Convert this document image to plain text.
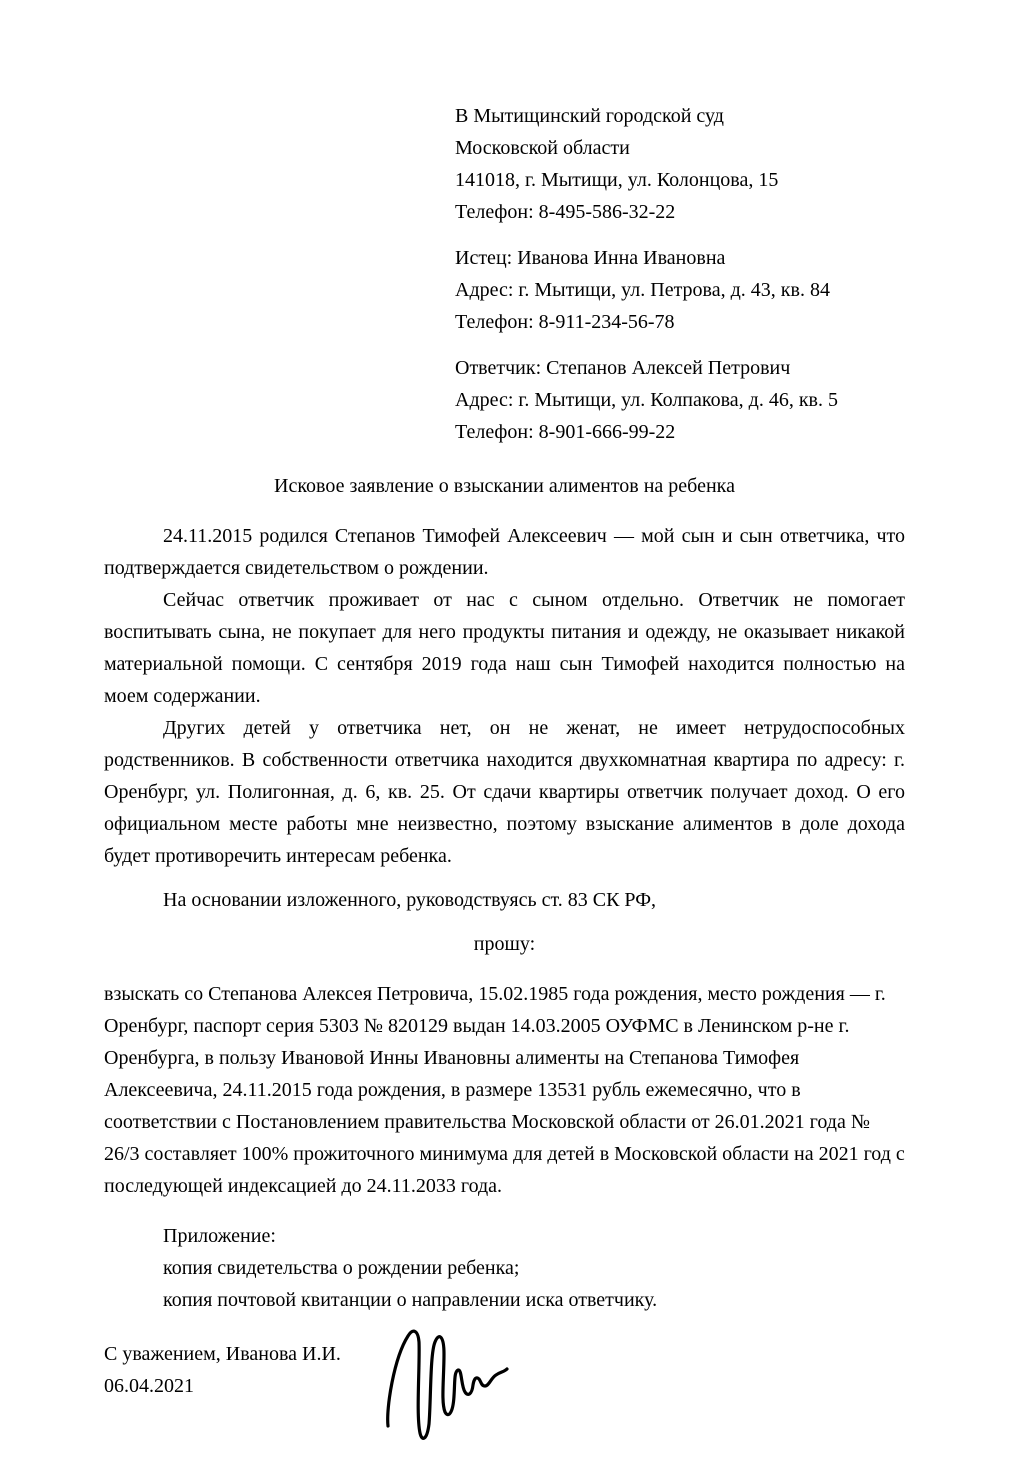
В Мытищинский городской суд
Московской области
141018, г. Мытищи, ул. Колонцова, 15
Телефон: 8-495-586-32-22
Истец: Иванова Инна Ивановна
Адрес: г. Мытищи, ул. Петрова, д. 43, кв. 84
Телефон: 8-911-234-56-78
Ответчик: Степанов Алексей Петрович
Адрес: г. Мытищи, ул. Колпакова, д. 46, кв. 5
Телефон: 8-901-666-99-22
Исковое заявление о взыскании алиментов на ребенка

24.11.2015 родился Степанов Тимофей Алексеевич — мой сын и сын ответчика, что подтверждается свидетельством о рождении.

Сейчас ответчик проживает от нас с сыном отдельно. Ответчик не помогает воспитывать сына, не покупает для него продукты питания и одежду, не оказывает никакой материальной помощи. С сентября 2019 года наш сын Тимофей находится полностью на моем содержании.

Других детей у ответчика нет, он не женат, не имеет нетрудоспособных родственников. В собственности ответчика находится двухкомнатная квартира по адресу: г. Оренбург, ул. Полигонная, д. 6, кв. 25. От сдачи квартиры ответчик получает доход. О его официальном месте работы мне неизвестно, поэтому взыскание алиментов в доле дохода будет противоречить интересам ребенка.

На основании изложенного, руководствуясь ст. 83 СК РФ,
прошу:
взыскать со Степанова Алексея Петровича, 15.02.1985 года рождения, место рождения — г. Оренбург, паспорт серия 5303 № 820129 выдан 14.03.2005 ОУФМС в Ленинском р-не г. Оренбурга, в пользу Ивановой Инны Ивановны алименты на Степанова Тимофея Алексеевича, 24.11.2015 года рождения, в размере 13531 рубль ежемесячно, что в соответствии с Постановлением правительства Московской области от 26.01.2021 года № 26/3 составляет 100% прожиточного минимума для детей в Московской области на 2021 год с последующей индексацией до 24.11.2033 года.
Приложение:
копия свидетельства о рождении ребенка;
копия почтовой квитанции о направлении иска ответчику.
С уважением, Иванова И.И.
06.04.2021
